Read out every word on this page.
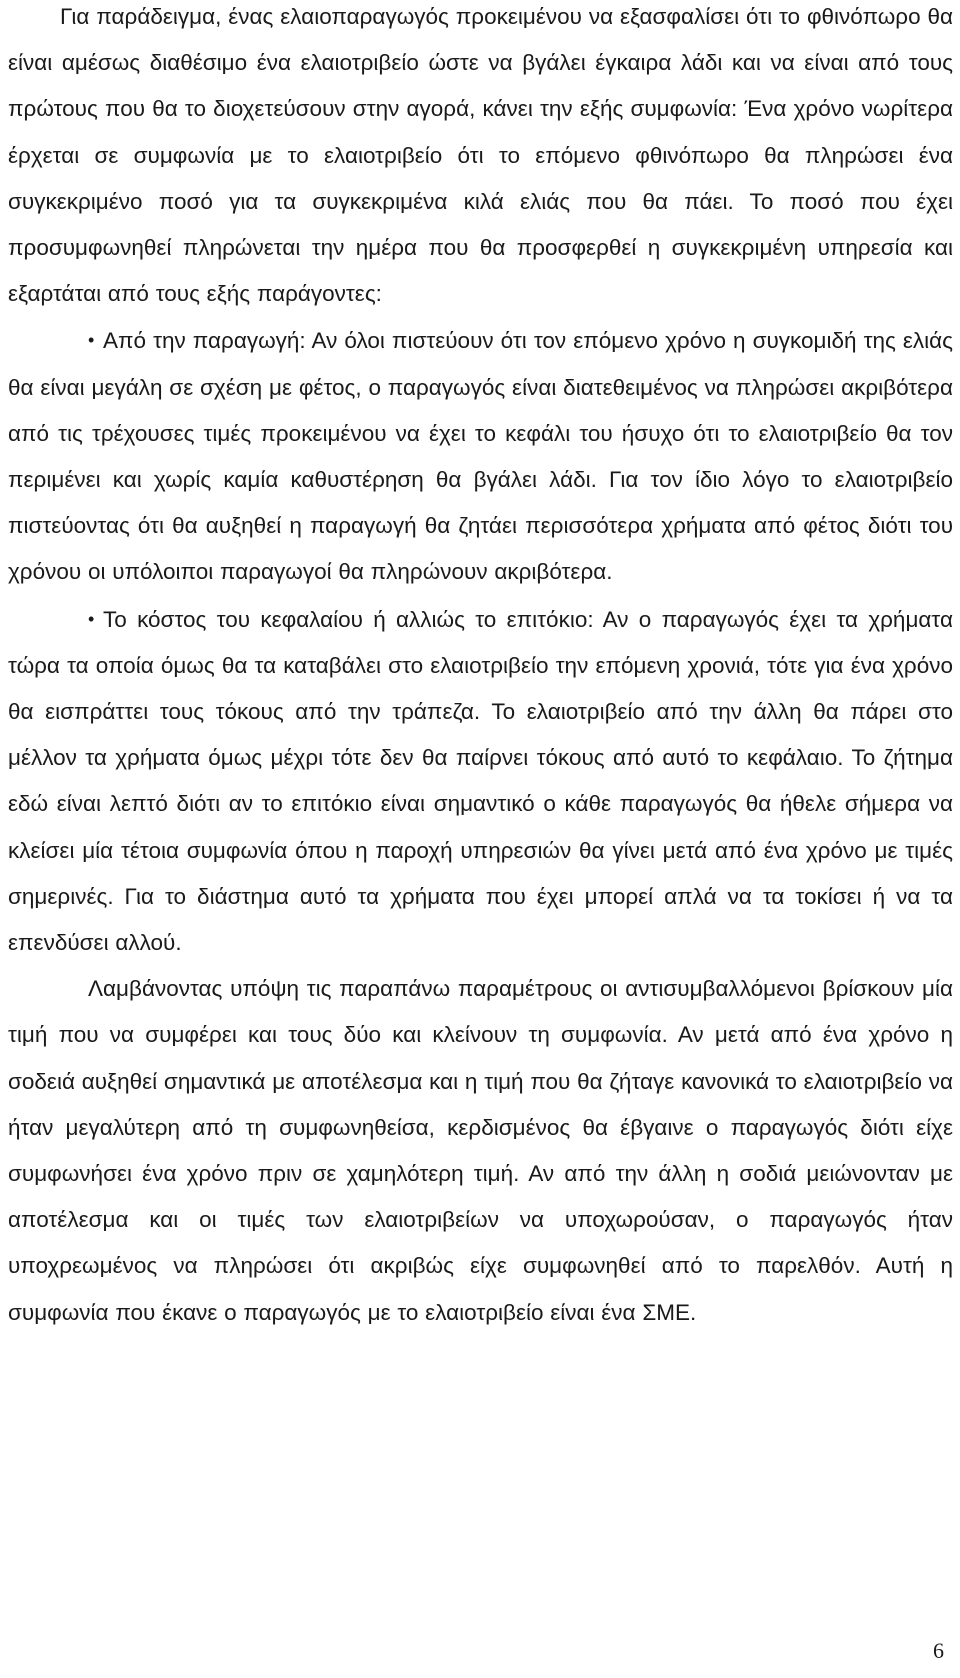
Για παράδειγμα, ένας ελαιοπαραγωγός προκειμένου να εξασφαλίσει ότι το φθινόπωρο θα είναι αμέσως διαθέσιμο ένα ελαιοτριβείο ώστε να βγάλει έγκαιρα λάδι και να είναι από τους πρώτους που θα το διοχετεύσουν στην αγορά, κάνει την εξής συμφωνία: Ένα χρόνο νωρίτερα έρχεται σε συμφωνία με το ελαιοτριβείο ότι το επόμενο φθινόπωρο θα πληρώσει ένα συγκεκριμένο ποσό για τα συγκεκριμένα κιλά ελιάς που θα πάει. Το ποσό που έχει προσυμφωνηθεί πληρώνεται την ημέρα που θα προσφερθεί η συγκεκριμένη υπηρεσία και εξαρτάται από τους εξής παράγοντες:

• Από την παραγωγή: Αν όλοι πιστεύουν ότι τον επόμενο χρόνο η συγκομιδή της ελιάς θα είναι μεγάλη σε σχέση με φέτος, ο παραγωγός είναι διατεθειμένος να πληρώσει ακριβότερα από τις τρέχουσες τιμές προκειμένου να έχει το κεφάλι του ήσυχο ότι το ελαιοτριβείο θα τον περιμένει και χωρίς καμία καθυστέρηση θα βγάλει λάδι. Για τον ίδιο λόγο το ελαιοτριβείο πιστεύοντας ότι θα αυξηθεί η παραγωγή θα ζητάει περισσότερα χρήματα από φέτος διότι του χρόνου οι υπόλοιποι παραγωγοί θα πληρώνουν ακριβότερα.

• Το κόστος του κεφαλαίου ή αλλιώς το επιτόκιο: Αν ο παραγωγός έχει τα χρήματα τώρα τα οποία όμως θα τα καταβάλει στο ελαιοτριβείο την επόμενη χρονιά, τότε για ένα χρόνο θα εισπράττει τους τόκους από την τράπεζα. Το ελαιοτριβείο από την άλλη θα πάρει στο μέλλον τα χρήματα όμως μέχρι τότε δεν θα παίρνει τόκους από αυτό το κεφάλαιο. Το ζήτημα εδώ είναι λεπτό διότι αν το επιτόκιο είναι σημαντικό ο κάθε παραγωγός θα ήθελε σήμερα να κλείσει μία τέτοια συμφωνία όπου η παροχή υπηρεσιών θα γίνει μετά από ένα χρόνο με τιμές σημερινές. Για το διάστημα αυτό τα χρήματα που έχει μπορεί απλά να τα τοκίσει ή να τα επενδύσει αλλού.

Λαμβάνοντας υπόψη τις παραπάνω παραμέτρους οι αντισυμβαλλόμενοι βρίσκουν μία τιμή που να συμφέρει και τους δύο και κλείνουν τη συμφωνία. Αν μετά από ένα χρόνο η σοδειά αυξηθεί σημαντικά με αποτέλεσμα και η τιμή που θα ζήταγε κανονικά το ελαιοτριβείο να ήταν μεγαλύτερη από τη συμφωνηθείσα, κερδισμένος θα έβγαινε ο παραγωγός διότι είχε συμφωνήσει ένα χρόνο πριν σε χαμηλότερη τιμή. Αν από την άλλη η σοδιά μειώνονταν με αποτέλεσμα και οι τιμές των ελαιοτριβείων να υποχωρούσαν, ο παραγωγός ήταν υποχρεωμένος να πληρώσει ότι ακριβώς είχε συμφωνηθεί από το παρελθόν. Αυτή η συμφωνία που έκανε ο παραγωγός με το ελαιοτριβείο είναι ένα ΣΜΕ.

6
